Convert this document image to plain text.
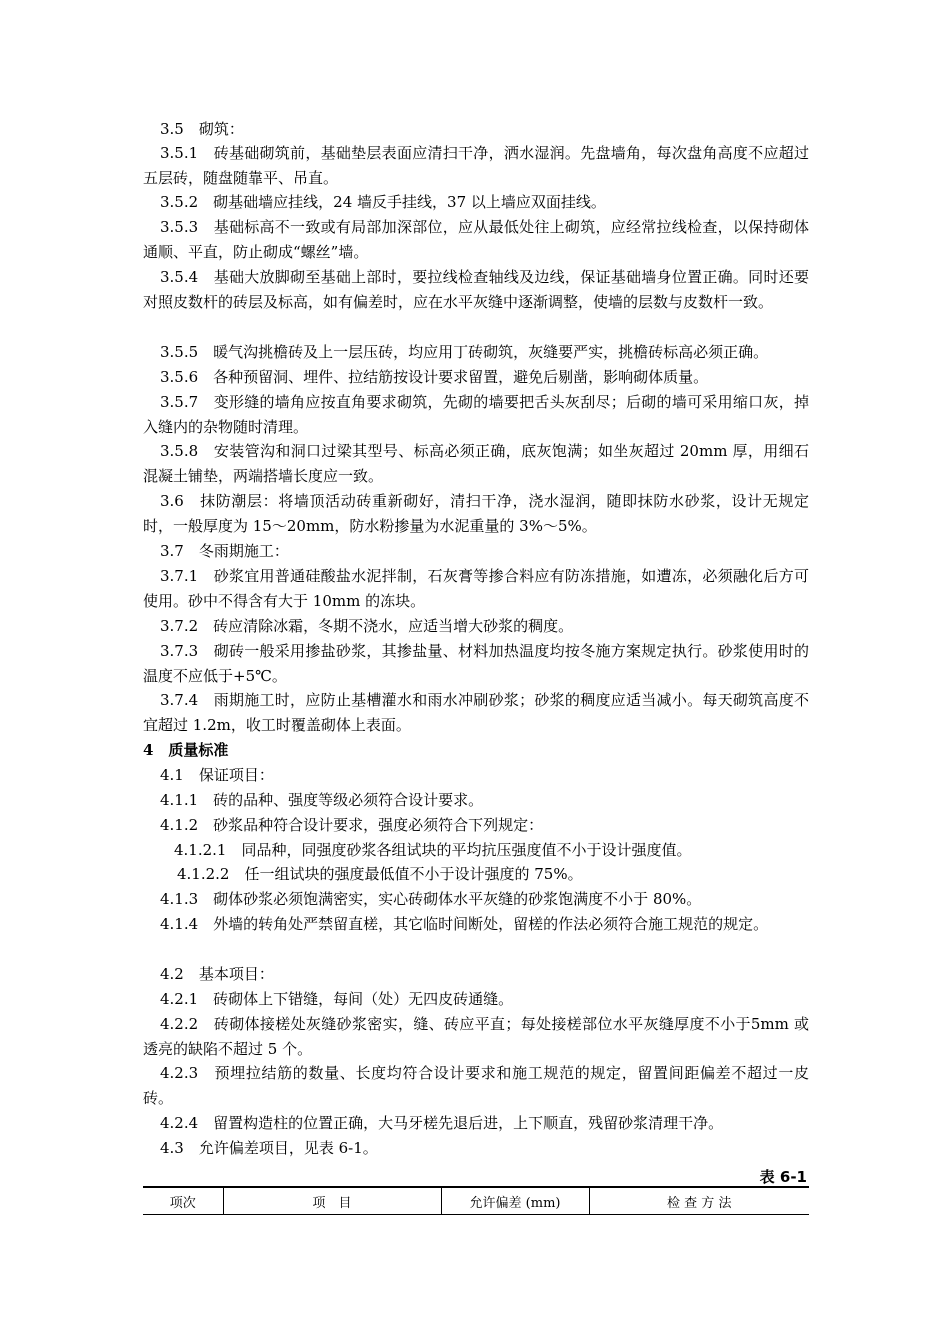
3.5　砌筑：

3.5.1　砖基础砌筑前，基础垫层表面应清扫干净，洒水湿润。先盘墙角，每次盘角高度不应超过五层砖，随盘随靠平、吊直。

3.5.2　砌基础墙应挂线，24 墙反手挂线，37 以上墙应双面挂线。

3.5.3　基础标高不一致或有局部加深部位，应从最低处往上砌筑，应经常拉线检查，以保持砌体通顺、平直，防止砌成“螺丝”墙。

3.5.4　基础大放脚砌至基础上部时，要拉线检查轴线及边线，保证基础墙身位置正确。同时还要对照皮数杆的砖层及标高，如有偏差时，应在水平灰缝中逐渐调整，使墙的层数与皮数杆一致。

3.5.5　暖气沟挑檐砖及上一层压砖，均应用丁砖砌筑，灰缝要严实，挑檐砖标高必须正确。

3.5.6　各种预留洞、埋件、拉结筋按设计要求留置，避免后剔凿，影响砌体质量。

3.5.7　变形缝的墙角应按直角要求砌筑，先砌的墙要把舌头灰刮尽；后砌的墙可采用缩口灰，掉入缝内的杂物随时清理。

3.5.8　安装管沟和洞口过梁其型号、标高必须正确，底灰饱满；如坐灰超过 20mm 厚，用细石混凝土铺垫，两端搭墙长度应一致。

3.6　抹防潮层：将墙顶活动砖重新砌好，清扫干净，浇水湿润，随即抹防水砂浆，设计无规定时，一般厚度为 15～20mm，防水粉掺量为水泥重量的 3%～5%。

3.7　冬雨期施工：

3.7.1　砂浆宜用普通硅酸盐水泥拌制，石灰膏等掺合料应有防冻措施，如遭冻，必须融化后方可使用。砂中不得含有大于 10mm 的冻块。

3.7.2　砖应清除冰霜，冬期不浇水，应适当增大砂浆的稠度。

3.7.3　砌砖一般采用掺盐砂浆，其掺盐量、材料加热温度均按冬施方案规定执行。砂浆使用时的温度不应低于+5℃。

3.7.4　雨期施工时，应防止基槽灌水和雨水冲刷砂浆；砂浆的稠度应适当减小。每天砌筑高度不宜超过 1.2m，收工时覆盖砌体上表面。

4　质量标准

4.1　保证项目：

4.1.1　砖的品种、强度等级必须符合设计要求。

4.1.2　砂浆品种符合设计要求，强度必须符合下列规定：

4.1.2.1　同品种，同强度砂浆各组试块的平均抗压强度值不小于设计强度值。

4.1.2.2　任一组试块的强度最低值不小于设计强度的 75%。

4.1.3　砌体砂浆必须饱满密实，实心砖砌体水平灰缝的砂浆饱满度不小于 80%。

4.1.4　外墙的转角处严禁留直槎，其它临时间断处，留槎的作法必须符合施工规范的规定。

4.2　基本项目：

4.2.1　砖砌体上下错缝，每间（处）无四皮砖通缝。

4.2.2　砖砌体接槎处灰缝砂浆密实，缝、砖应平直；每处接槎部位水平灰缝厚度不小于5mm 或透亮的缺陷不超过 5 个。

4.2.3　预埋拉结筋的数量、长度均符合设计要求和施工规范的规定，留置间距偏差不超过一皮砖。

4.2.4　留置构造柱的位置正确，大马牙槎先退后进，上下顺直，残留砂浆清理干净。

4.3　允许偏差项目，见表 6-1。

表 6-1
项次	项　目	允许偏差 (mm)	检 查 方 法
